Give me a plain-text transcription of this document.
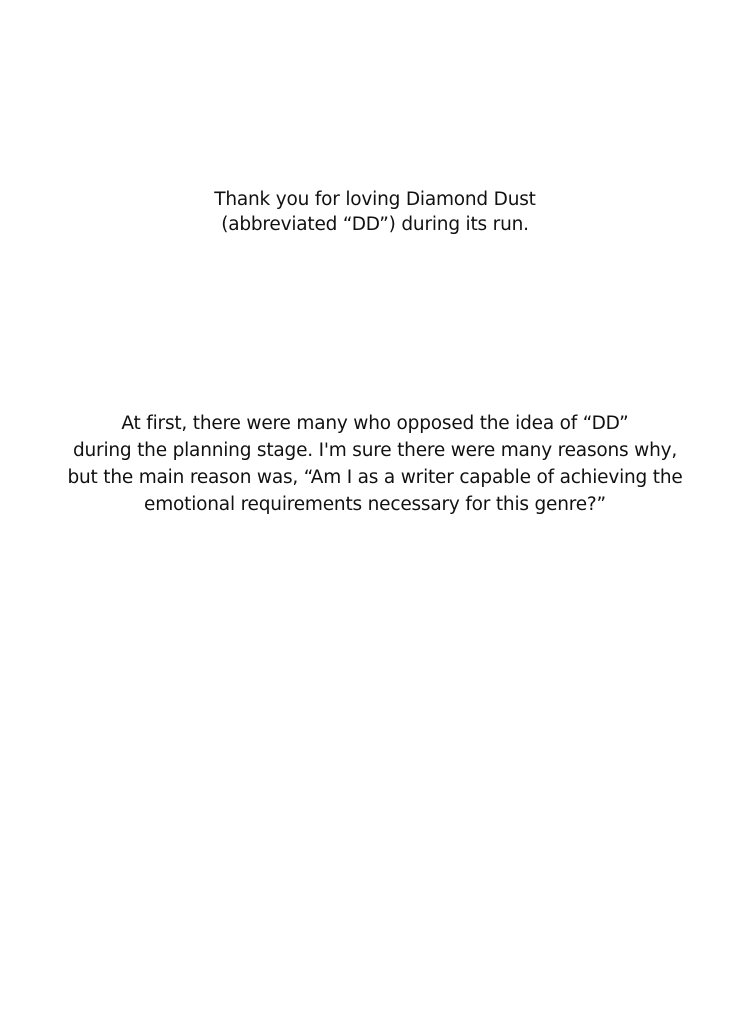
Thank you for loving Diamond Dust
(abbreviated “DD”) during its run.
At first, there were many who opposed the idea of “DD”
during the planning stage. I'm sure there were many reasons why,
but the main reason was, “Am I as a writer capable of achieving the
emotional requirements necessary for this genre?”
